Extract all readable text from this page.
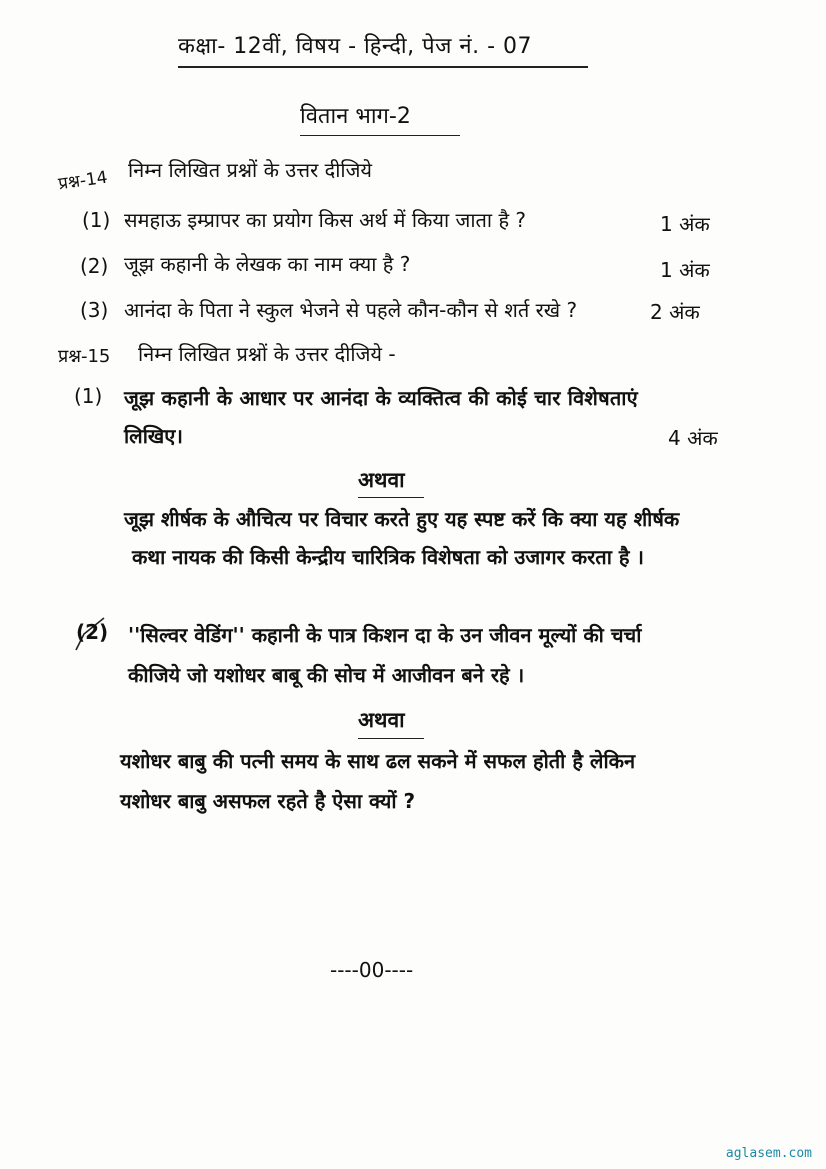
कक्षा- 12वीं, विषय - हिन्दी, पेज नं. - 07
वितान भाग-2
प्रश्न-14 निम्न लिखित प्रश्नों के उत्तर दीजिये
(1) समहाऊ इम्प्रापर का प्रयोग किस अर्थ में किया जाता है ?	1 अंक
(2) जूझ कहानी के लेखक का नाम क्या है ?	1 अंक
(3) आनंदा के पिता ने स्कुल भेजने से पहले कौन-कौन से शर्त रखे ?	2 अंक
प्रश्न-15 निम्न लिखित प्रश्नों के उत्तर दीजिये -
(1) जूझ कहानी के आधार पर आनंदा के व्यक्तित्व की कोई चार विशेषताएं
लिखिए।	4 अंक
अथवा
जूझ शीर्षक के औचित्य पर विचार करते हुए यह स्पष्ट करें कि क्या यह शीर्षक
कथा नायक की किसी केन्द्रीय चारित्रिक विशेषता को उजागर करता है ।
(2) ''सिल्वर वेडिंग'' कहानी के पात्र किशन दा के उन जीवन मूल्यों की चर्चा
कीजिये जो यशोधर बाबू की सोच में आजीवन बने रहे ।
अथवा
यशोधर बाबु की पत्नी समय के साथ ढल सकने में सफल होती है लेकिन
यशोधर बाबु असफल रहते है ऐसा क्यों ?
----00----
aglasem.com
